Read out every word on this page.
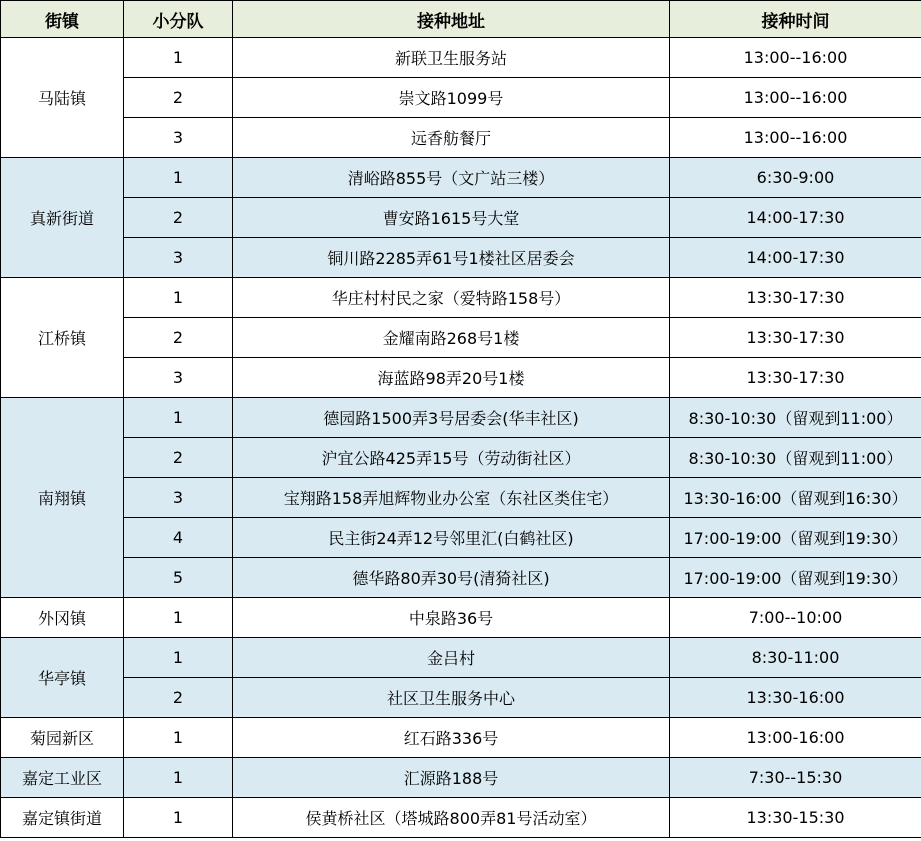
街镇	小分队	接种地址	接种时间
马陆镇	1	新联卫生服务站	13:00--16:00
	2	崇文路1099号	13:00--16:00
	3	远香舫餐厅	13:00--16:00
真新街道	1	清峪路855号（文广站三楼）	6:30-9:00
	2	曹安路1615号大堂	14:00-17:30
	3	铜川路2285弄61号1楼社区居委会	14:00-17:30
江桥镇	1	华庄村村民之家（爱特路158号）	13:30-17:30
	2	金耀南路268号1楼	13:30-17:30
	3	海蓝路98弄20号1楼	13:30-17:30
南翔镇	1	德园路1500弄3号居委会(华丰社区)	8:30-10:30（留观到11:00）
	2	沪宜公路425弄15号（劳动街社区）	8:30-10:30（留观到11:00）
	3	宝翔路158弄旭辉物业办公室（东社区类住宅）	13:30-16:00（留观到16:30）
	4	民主街24弄12号邻里汇(白鹤社区)	17:00-19:00（留观到19:30）
	5	德华路80弄30号(清猗社区)	17:00-19:00（留观到19:30）
外冈镇	1	中泉路36号	7:00--10:00
华亭镇	1	金吕村	8:30-11:00
	2	社区卫生服务中心	13:30-16:00
菊园新区	1	红石路336号	13:00-16:00
嘉定工业区	1	汇源路188号	7:30--15:30
嘉定镇街道	1	侯黄桥社区（塔城路800弄81号活动室）	13:30-15:30
